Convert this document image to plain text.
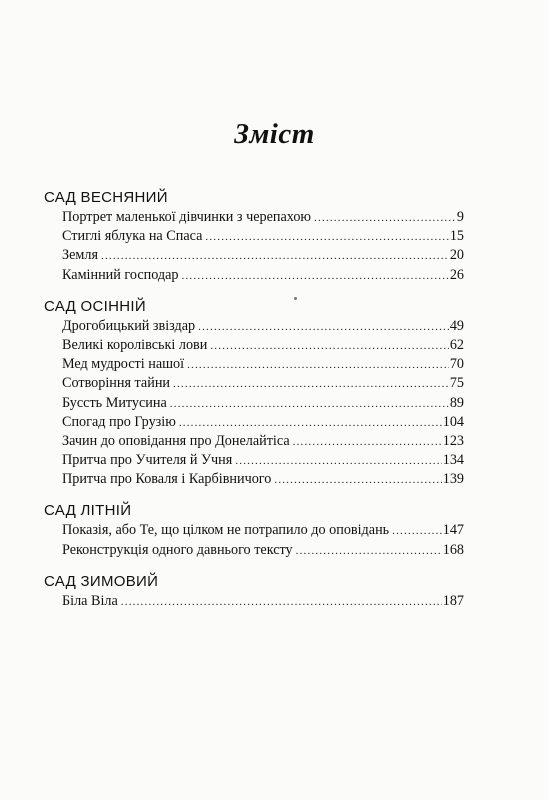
Зміст
САД ВЕСНЯНИЙ
Портрет маленької дівчинки з черепахою .....	9
Стиглі яблука на Спаса .....	15
Земля .....	20
Камінний господар .....	26
САД ОСІННІЙ
Дрогобицький звіздар .....	49
Великі королівські лови .....	62
Мед мудрості нашої .....	70
Сотворіння тайни .....	75
Буссть Митусина .....	89
Спогад про Грузію .....	104
Зачин до оповідання про Донелайтіса .....	123
Притча про Учителя й Учня .....	134
Притча про Коваля і Карбівничого .....	139
САД ЛІТНІЙ
Показія, або Те, що цілком не потрапило до оповідань .....	147
Реконструкція одного давнього тексту .....	168
САД ЗИМОВИЙ
Біла Віла .....	187
